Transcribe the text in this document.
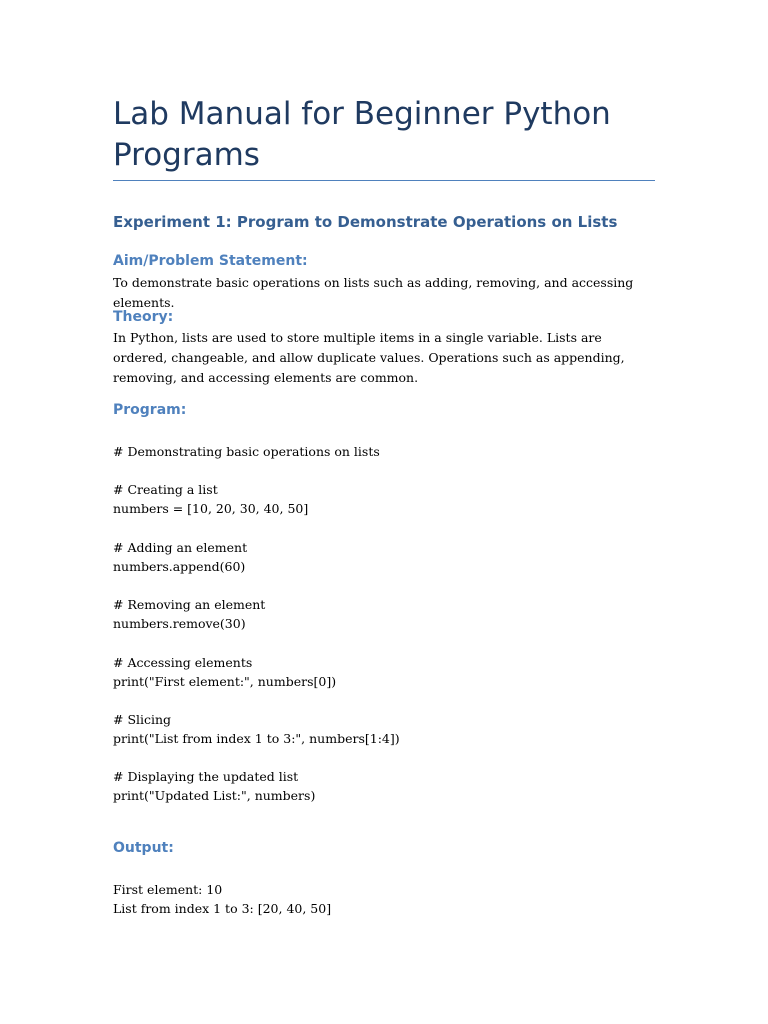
Lab Manual for Beginner Python Programs
Experiment 1: Program to Demonstrate Operations on Lists
Aim/Problem Statement:

To demonstrate basic operations on lists such as adding, removing, and accessing elements.

Theory:

In Python, lists are used to store multiple items in a single variable. Lists are ordered, changeable, and allow duplicate values. Operations such as appending, removing, and accessing elements are common.

Program:
# Demonstrating basic operations on lists
# Creating a list
numbers = [10, 20, 30, 40, 50]
# Adding an element
numbers.append(60)
# Removing an element
numbers.remove(30)
# Accessing elements
print("First element:", numbers[0])
# Slicing
print("List from index 1 to 3:", numbers[1:4])
# Displaying the updated list
print("Updated List:", numbers)
Output:
First element: 10
List from index 1 to 3: [20, 40, 50]
